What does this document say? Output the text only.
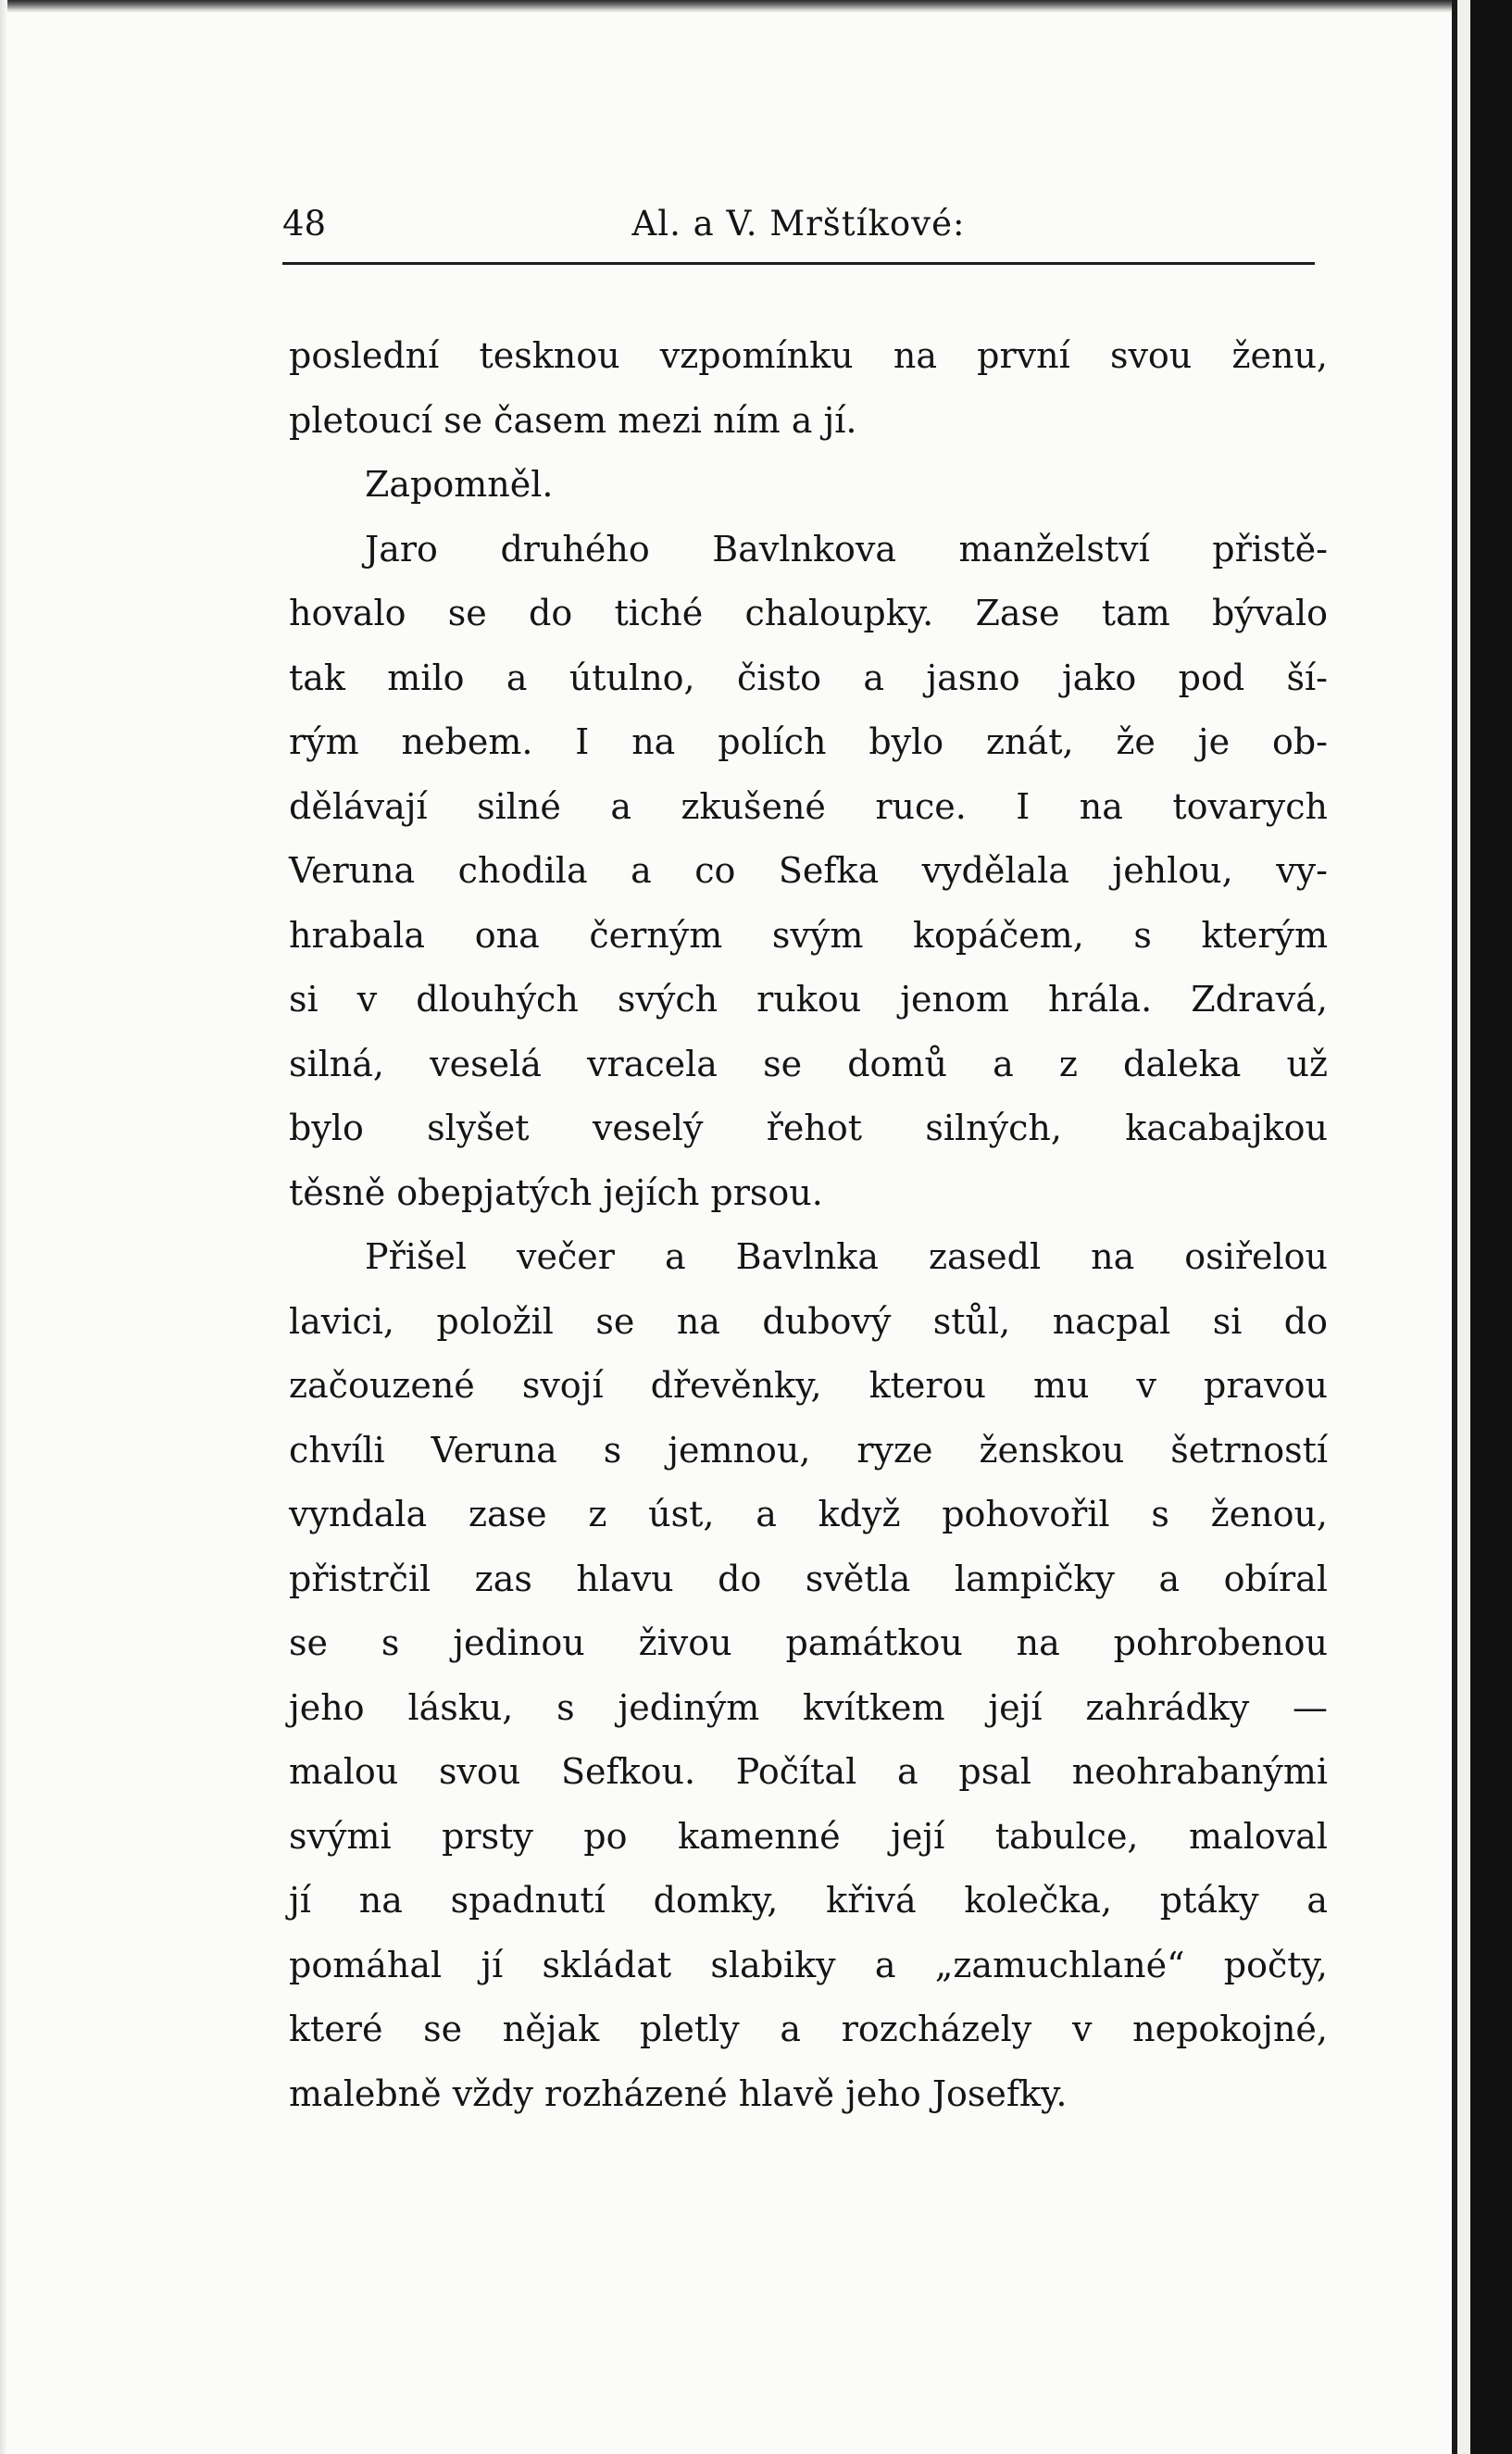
48	Al. a V. Mrštíkové:
poslední tesknou vzpomínku na první svou ženu,
pletoucí se časem mezi ním a jí.
Zapomněl.
Jaro druhého Bavlnkova manželství přistě-
hovalo se do tiché chaloupky. Zase tam bývalo
tak milo a útulno, čisto a jasno jako pod ší-
rým nebem. I na polích bylo znát, že je ob-
dělávají silné a zkušené ruce. I na tovarych
Veruna chodila a co Sefka vydělala jehlou, vy-
hrabala ona černým svým kopáčem, s kterým
si v dlouhých svých rukou jenom hrála. Zdravá,
silná, veselá vracela se domů a z daleka už
bylo slyšet veselý řehot silných, kacabajkou
těsně obepjatých jejích prsou.
Přišel večer a Bavlnka zasedl na osiřelou
lavici, položil se na dubový stůl, nacpal si do
začouzené svojí dřevěnky, kterou mu v pravou
chvíli Veruna s jemnou, ryze ženskou šetrností
vyndala zase z úst, a když pohovořil s ženou,
přistrčil zas hlavu do světla lampičky a obíral
se s jedinou živou památkou na pohrobenou
jeho lásku, s jediným kvítkem její zahrádky —
malou svou Sefkou. Počítal a psal neohrabanými
svými prsty po kamenné její tabulce, maloval
jí na spadnutí domky, křivá kolečka, ptáky a
pomáhal jí skládat slabiky a „zamuchlané“ počty,
které se nějak pletly a rozcházely v nepokojné,
malebně vždy rozházené hlavě jeho Josefky.
